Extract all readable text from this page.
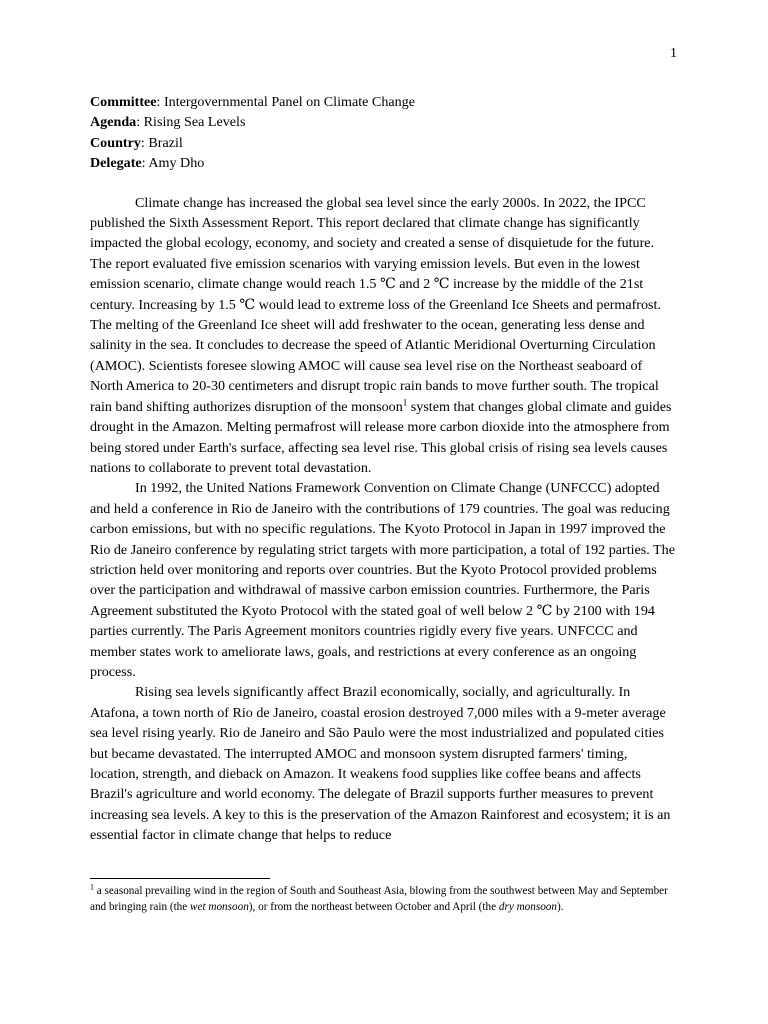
1

Committee: Intergovernmental Panel on Climate Change

Agenda: Rising Sea Levels

Country: Brazil

Delegate: Amy Dho

Climate change has increased the global sea level since the early 2000s. In 2022, the IPCC published the Sixth Assessment Report. This report declared that climate change has significantly impacted the global ecology, economy, and society and created a sense of disquietude for the future. The report evaluated five emission scenarios with varying emission levels. But even in the lowest emission scenario, climate change would reach 1.5 ℃ and 2 ℃ increase by the middle of the 21st century. Increasing by 1.5 ℃ would lead to extreme loss of the Greenland Ice Sheets and permafrost. The melting of the Greenland Ice sheet will add freshwater to the ocean, generating less dense and salinity in the sea. It concludes to decrease the speed of Atlantic Meridional Overturning Circulation (AMOC). Scientists foresee slowing AMOC will cause sea level rise on the Northeast seaboard of North America to 20-30 centimeters and disrupt tropic rain bands to move further south. The tropical rain band shifting authorizes disruption of the monsoon$^1$ system that changes global climate and guides drought in the Amazon. Melting permafrost will release more carbon dioxide into the atmosphere from being stored under Earth's surface, affecting sea level rise. This global crisis of rising sea levels causes nations to collaborate to prevent total devastation.

In 1992, the United Nations Framework Convention on Climate Change (UNFCCC) adopted and held a conference in Rio de Janeiro with the contributions of 179 countries. The goal was reducing carbon emissions, but with no specific regulations. The Kyoto Protocol in Japan in 1997 improved the Rio de Janeiro conference by regulating strict targets with more participation, a total of 192 parties. The striction held over monitoring and reports over countries. But the Kyoto Protocol provided problems over the participation and withdrawal of massive carbon emission countries. Furthermore, the Paris Agreement substituted the Kyoto Protocol with the stated goal of well below 2 ℃ by 2100 with 194 parties currently. The Paris Agreement monitors countries rigidly every five years. UNFCCC and member states work to ameliorate laws, goals, and restrictions at every conference as an ongoing process.

Rising sea levels significantly affect Brazil economically, socially, and agriculturally. In Atafona, a town north of Rio de Janeiro, coastal erosion destroyed 7,000 miles with a 9-meter average sea level rising yearly. Rio de Janeiro and São Paulo were the most industrialized and populated cities but became devastated. The interrupted AMOC and monsoon system disrupted farmers' timing, location, strength, and dieback on Amazon. It weakens food supplies like coffee beans and affects Brazil's agriculture and world economy. The delegate of Brazil supports further measures to prevent increasing sea levels. A key to this is the preservation of the Amazon Rainforest and ecosystem; it is an essential factor in climate change that helps to reduce

$^1$ a seasonal prevailing wind in the region of South and Southeast Asia, blowing from the southwest between May and September and bringing rain (the wet monsoon), or from the northeast between October and April (the dry monsoon).
